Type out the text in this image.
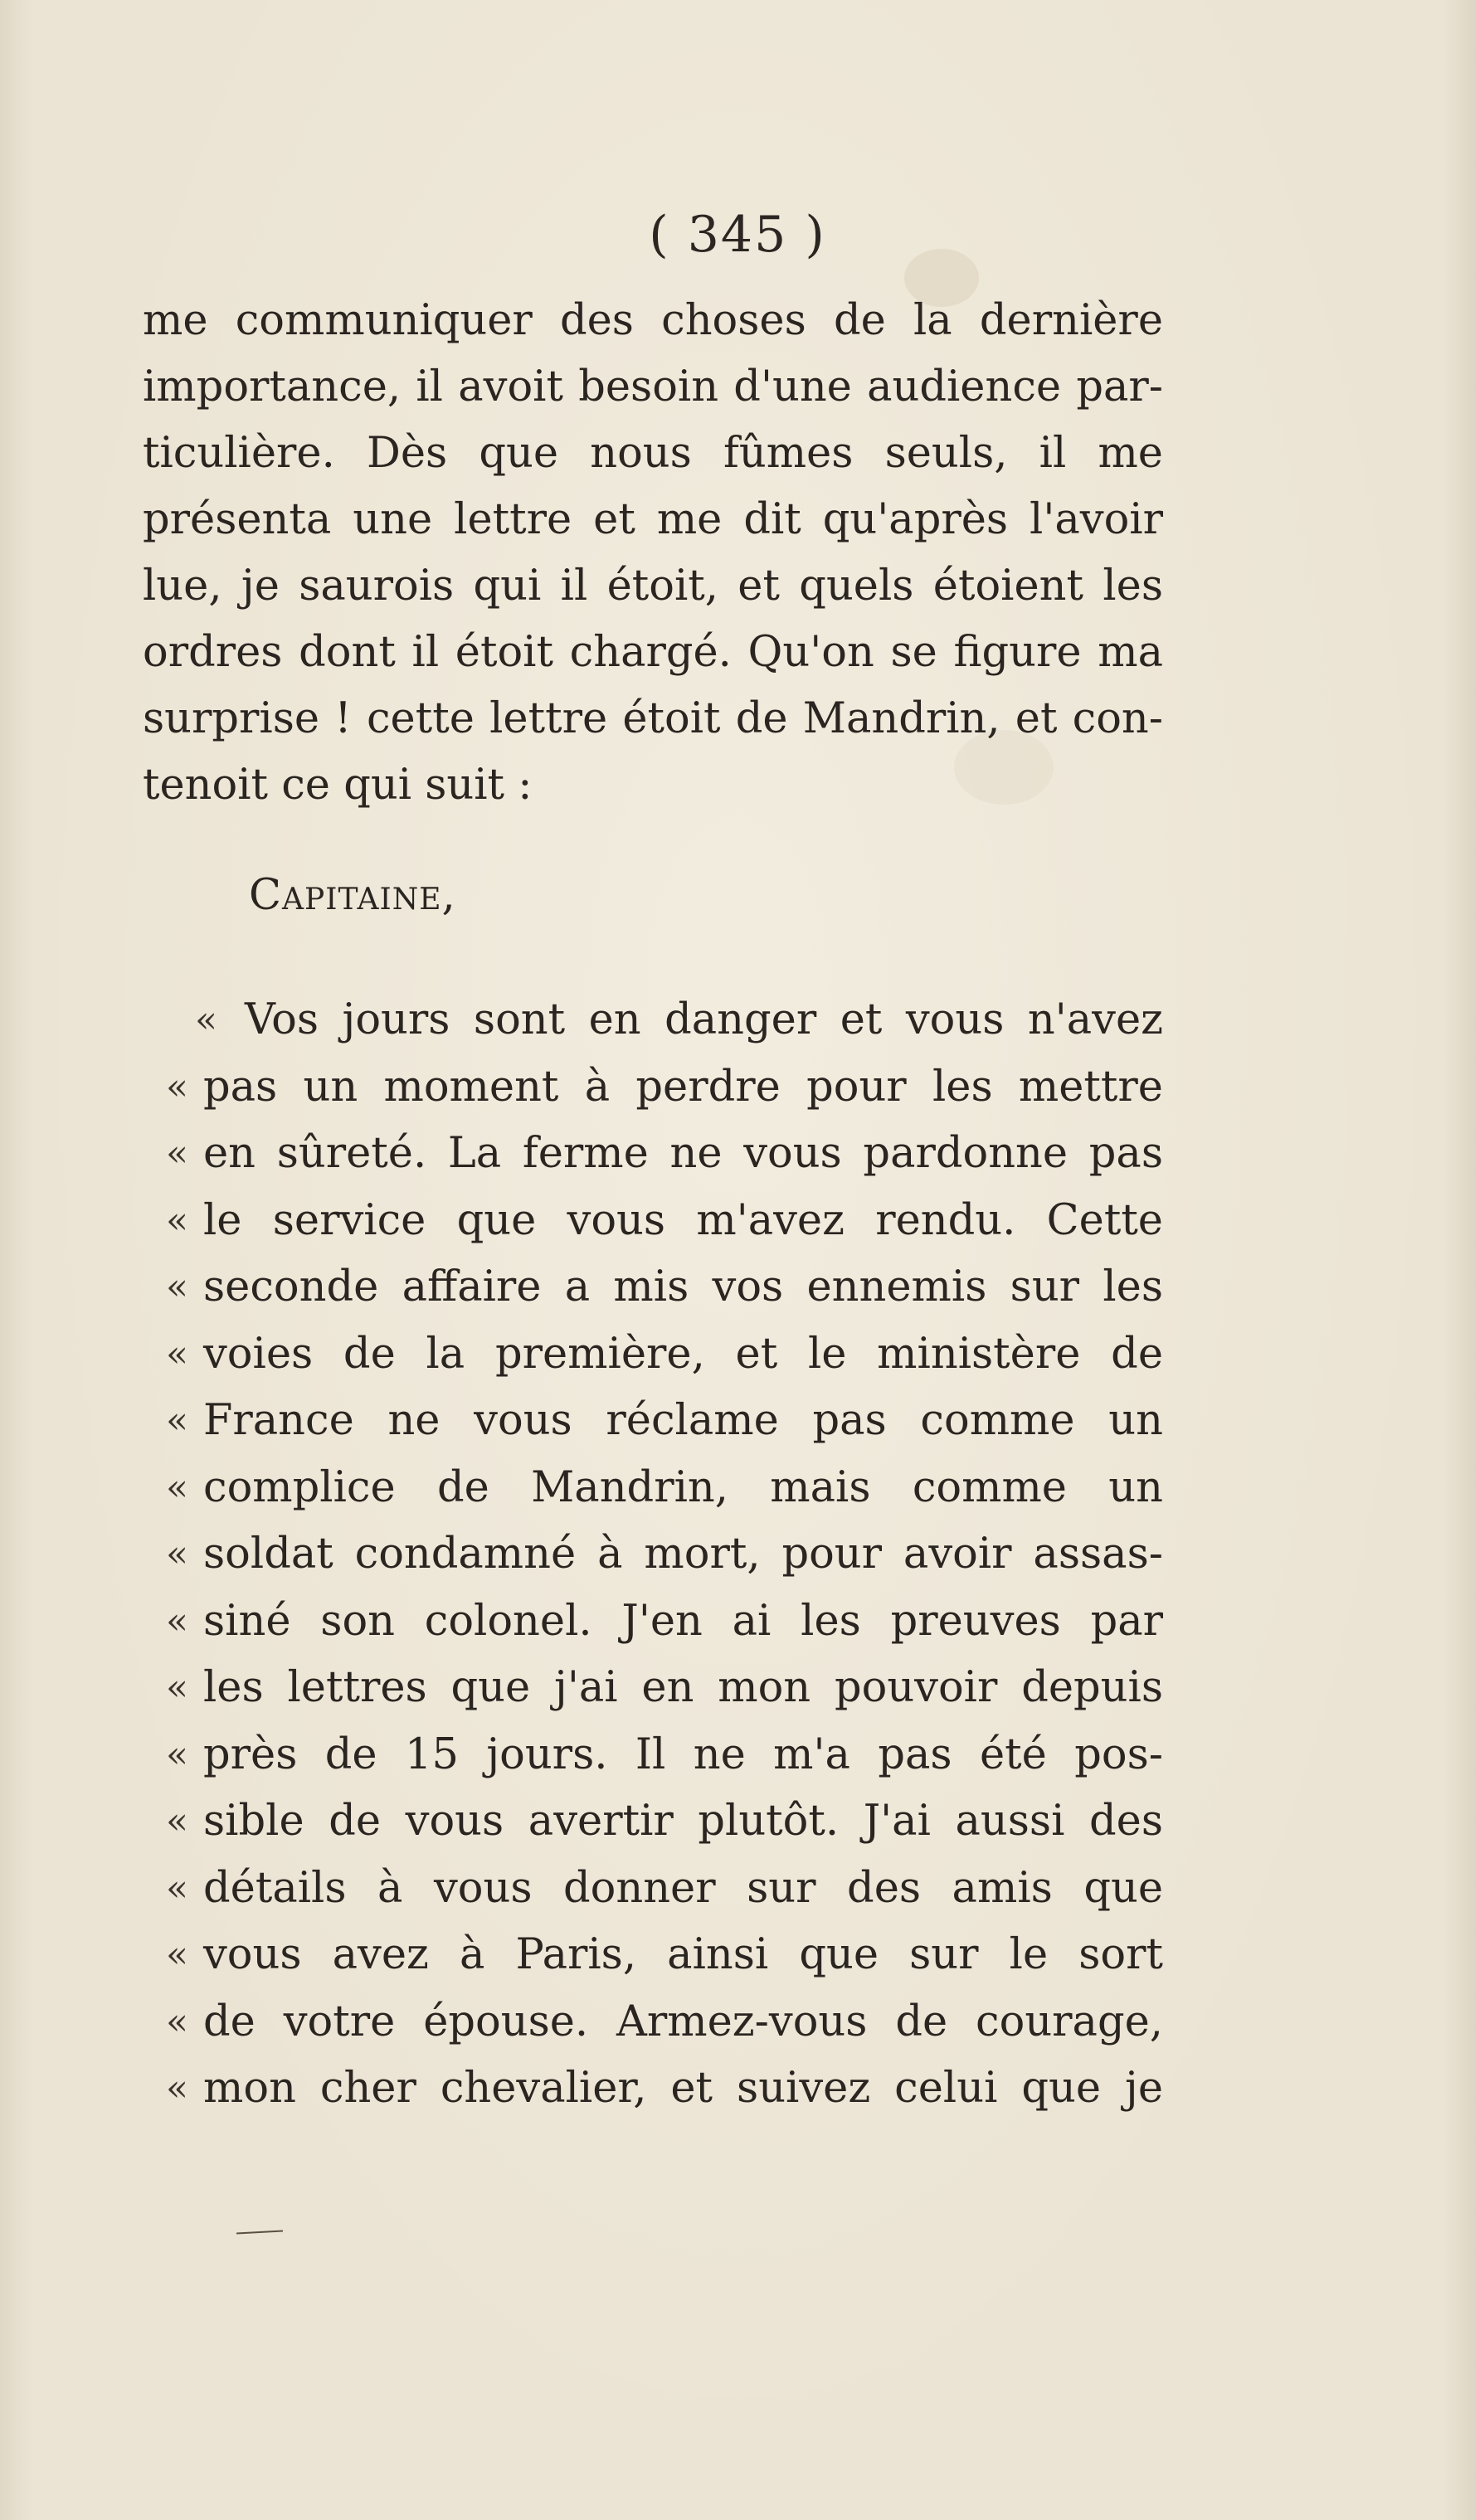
( 345 )
me communiquer des choses de la dernière
importance, il avoit besoin d'une audience par-
ticulière. Dès que nous fûmes seuls, il me
présenta une lettre et me dit qu'après l'avoir
lue, je saurois qui il étoit, et quels étoient les
ordres dont il étoit chargé. Qu'on se figure ma
surprise ! cette lettre étoit de Mandrin, et con-
tenoit ce qui suit :
Capitaine,
« Vos jours sont en danger et vous n'avez
« pas un moment à perdre pour les mettre
« en sûreté. La ferme ne vous pardonne pas
« le service que vous m'avez rendu. Cette
« seconde affaire a mis vos ennemis sur les
« voies de la première, et le ministère de
« France ne vous réclame pas comme un
« complice de Mandrin, mais comme un
« soldat condamné à mort, pour avoir assas-
« siné son colonel. J'en ai les preuves par
« les lettres que j'ai en mon pouvoir depuis
« près de 15 jours. Il ne m'a pas été pos-
« sible de vous avertir plutôt. J'ai aussi des
« détails à vous donner sur des amis que
« vous avez à Paris, ainsi que sur le sort
« de votre épouse. Armez-vous de courage,
« mon cher chevalier, et suivez celui que je
